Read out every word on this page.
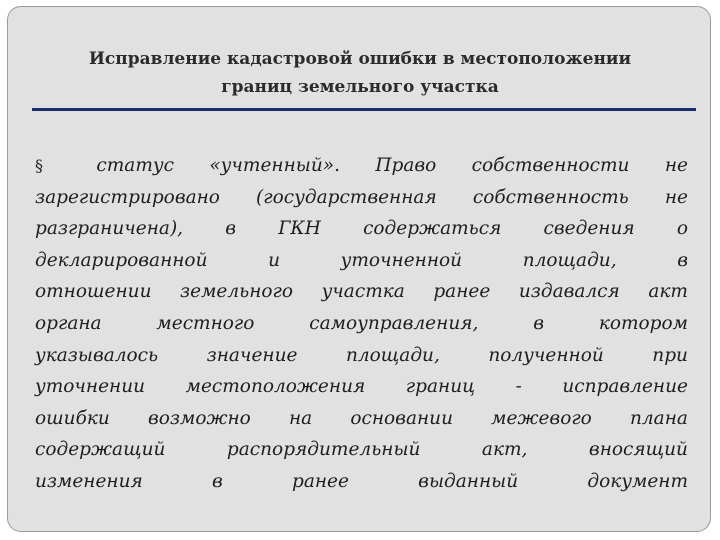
Исправление кадастровой ошибки в местоположении
границ земельного участка
§	статус «учтенный». Право собственности не
зарегистрировано (государственная собственность не
разграничена), в ГКН содержаться сведения о
декларированной	и	уточненной	площади,	в
отношении земельного участка ранее издавался акт
органа	местного	самоуправления,	в	котором
указывалось	значение	площади,	полученной	при
уточнении местоположения границ - исправление
ошибки возможно на основании межевого плана
содержащий	распорядительный	акт,	вносящий
изменения в ранее выданный документ
